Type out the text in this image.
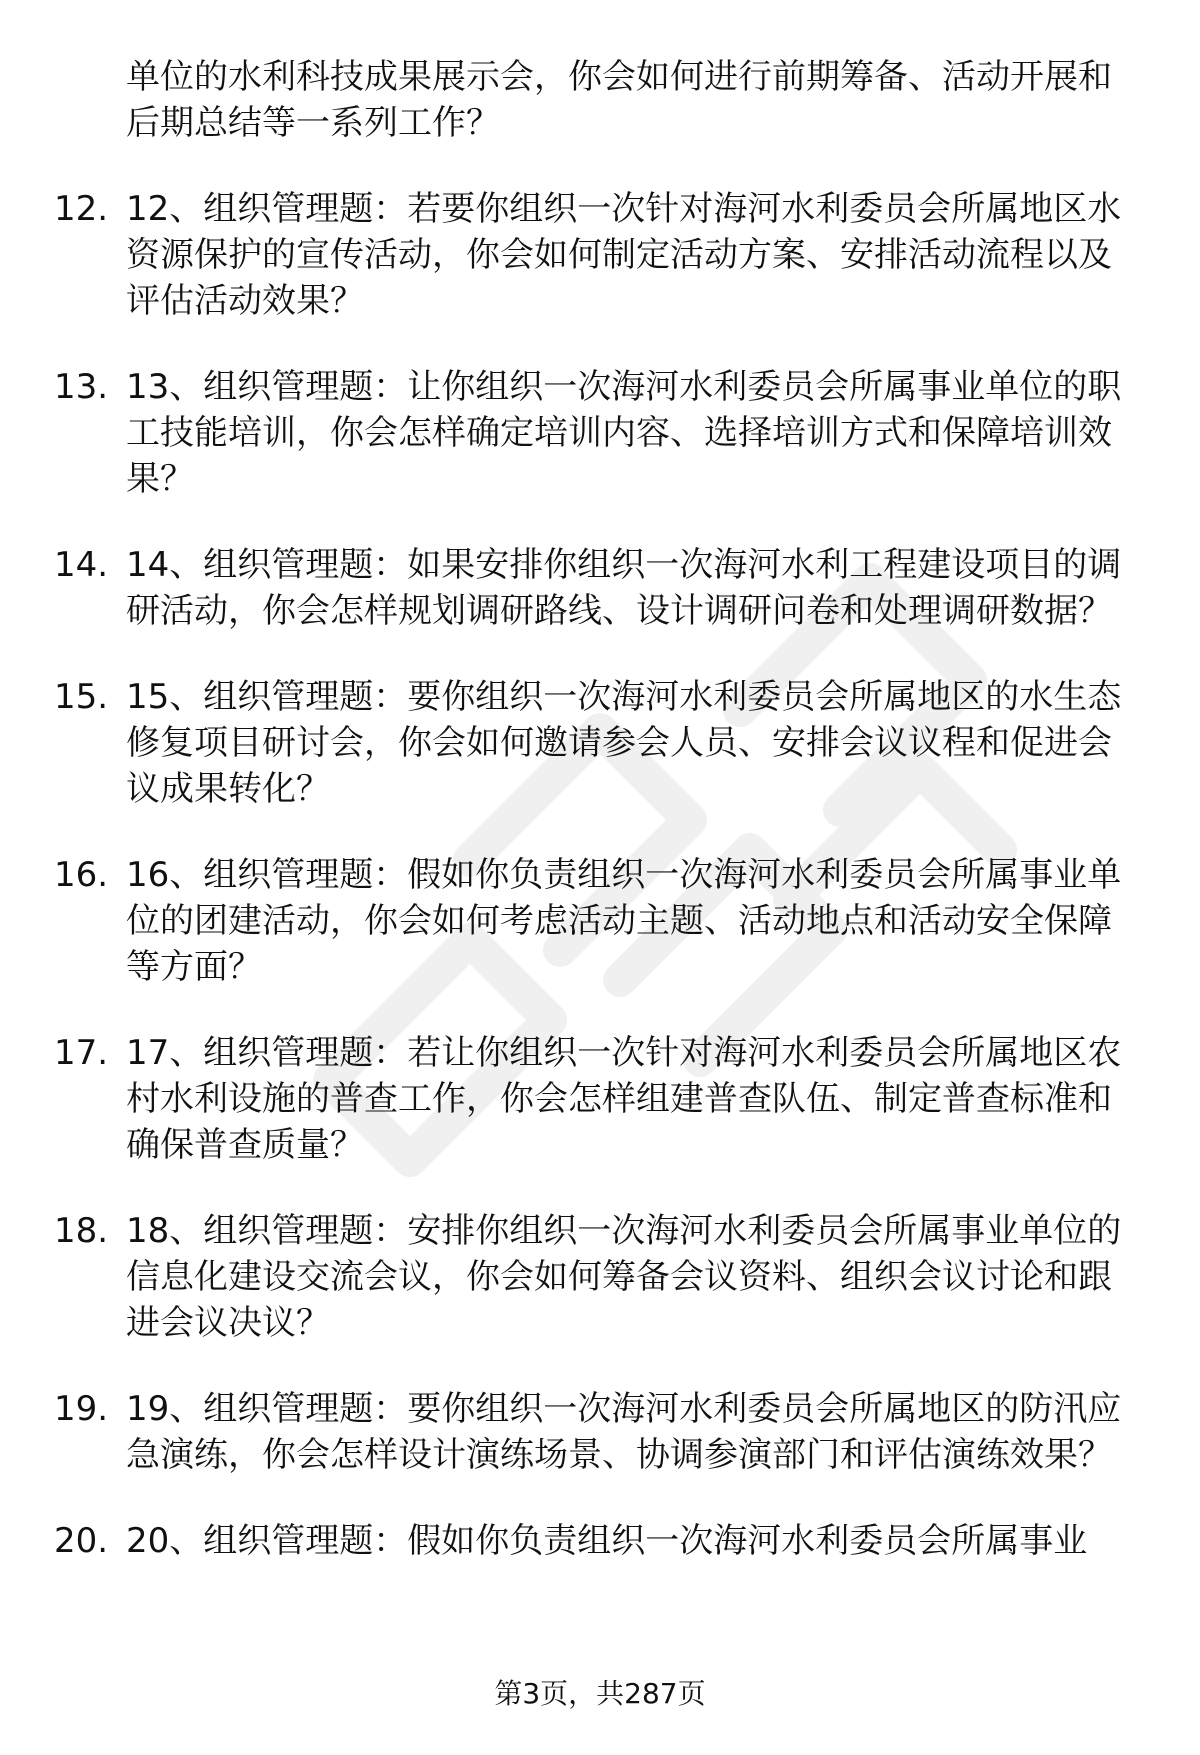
单位的水利科技成果展示会，你会如何进行前期筹备、活动开展和后期总结等一系列工作？
12. 12、组织管理题：若要你组织一次针对海河水利委员会所属地区水资源保护的宣传活动，你会如何制定活动方案、安排活动流程以及评估活动效果？
13. 13、组织管理题：让你组织一次海河水利委员会所属事业单位的职工技能培训，你会怎样确定培训内容、选择培训方式和保障培训效果？
14. 14、组织管理题：如果安排你组织一次海河水利工程建设项目的调研活动，你会怎样规划调研路线、设计调研问卷和处理调研数据？
15. 15、组织管理题：要你组织一次海河水利委员会所属地区的水生态修复项目研讨会，你会如何邀请参会人员、安排会议议程和促进会议成果转化？
16. 16、组织管理题：假如你负责组织一次海河水利委员会所属事业单位的团建活动，你会如何考虑活动主题、活动地点和活动安全保障等方面？
17. 17、组织管理题：若让你组织一次针对海河水利委员会所属地区农村水利设施的普查工作，你会怎样组建普查队伍、制定普查标准和确保普查质量？
18. 18、组织管理题：安排你组织一次海河水利委员会所属事业单位的信息化建设交流会议，你会如何筹备会议资料、组织会议讨论和跟进会议决议？
19. 19、组织管理题：要你组织一次海河水利委员会所属地区的防汛应急演练，你会怎样设计演练场景、协调参演部门和评估演练效果？
20. 20、组织管理题：假如你负责组织一次海河水利委员会所属事业
第3页，共287页
